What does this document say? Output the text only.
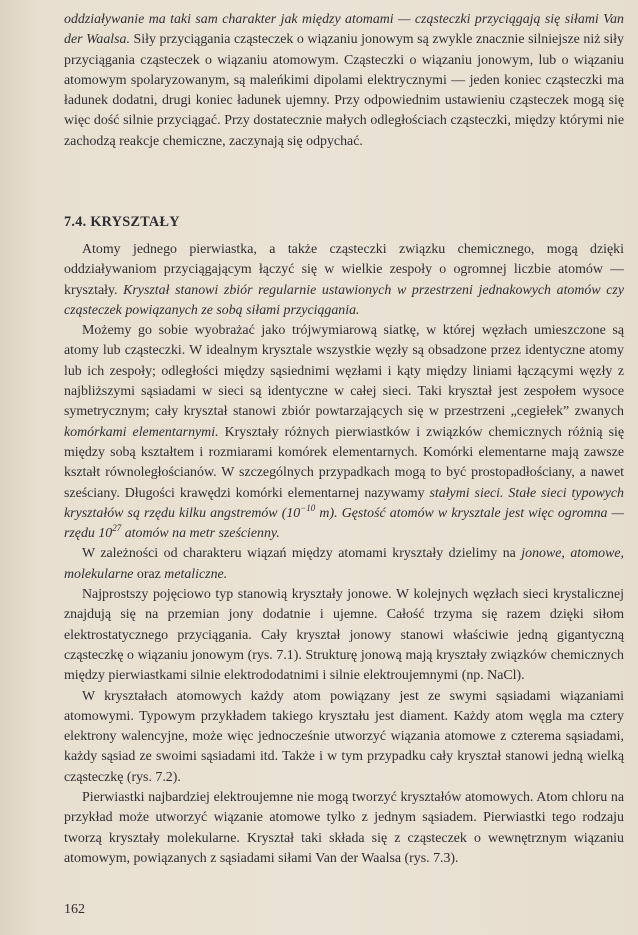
oddziaływanie ma taki sam charakter jak między atomami — cząsteczki przyciągają się siłami Van der Waalsa. Siły przyciągania cząsteczek o wiązaniu jonowym są zwykle znacznie silniejsze niż siły przyciągania cząsteczek o wiązaniu atomowym. Cząsteczki o wiązaniu jonowym, lub o wiązaniu atomowym spolaryzowanym, są maleńkimi dipolami elektrycznymi — jeden koniec cząsteczki ma ładunek dodatni, drugi koniec ładunek ujemny. Przy odpowiednim ustawieniu cząsteczek mogą się więc dość silnie przyciągać. Przy dostatecznie małych odległościach cząsteczki, między którymi nie zachodzą reakcje chemiczne, zaczynają się odpychać.

7.4. KRYSZTAŁY

Atomy jednego pierwiastka, a także cząsteczki związku chemicznego, mogą dzięki oddziaływaniom przyciągającym łączyć się w wielkie zespoły o ogromnej liczbie atomów — kryształy. Kryształ stanowi zbiór regularnie ustawionych w przestrzeni jednakowych atomów czy cząsteczek powiązanych ze sobą siłami przyciągania.

Możemy go sobie wyobrażać jako trójwymiarową siatkę, w której węzłach umieszczone są atomy lub cząsteczki. W idealnym krysztale wszystkie węzły są obsadzone przez identyczne atomy lub ich zespoły; odległości między sąsiednimi węzłami i kąty między liniami łączącymi węzły z najbliższymi sąsiadami w sieci są identyczne w całej sieci. Taki kryształ jest zespołem wysoce symetrycznym; cały kryształ stanowi zbiór powtarzających się w przestrzeni „cegiełek” zwanych komórkami elementarnymi. Kryształy różnych pierwiastków i związków chemicznych różnią się między sobą kształtem i rozmiarami komórek elementarnych. Komórki elementarne mają zawsze kształt równoległościanów. W szczególnych przypadkach mogą to być prostopadłościany, a nawet sześciany. Długości krawędzi komórki elementarnej nazywamy stałymi sieci. Stałe sieci typowych kryształów są rzędu kilku angstremów ($10^{-10}$ m). Gęstość atomów w krysztale jest więc ogromna — rzędu $10^{27}$ atomów na metr sześcienny.

W zależności od charakteru wiązań między atomami kryształy dzielimy na jonowe, atomowe, molekularne oraz metaliczne.

Najprostszy pojęciowo typ stanowią kryształy jonowe. W kolejnych węzłach sieci krystalicznej znajdują się na przemian jony dodatnie i ujemne. Całość trzyma się razem dzięki siłom elektrostatycznego przyciągania. Cały kryształ jonowy stanowi właściwie jedną gigantyczną cząsteczkę o wiązaniu jonowym (rys. 7.1). Strukturę jonową mają kryształy związków chemicznych między pierwiastkami silnie elektrododatnimi i silnie elektroujemnymi (np. NaCl).

W kryształach atomowych każdy atom powiązany jest ze swymi sąsiadami wiązaniami atomowymi. Typowym przykładem takiego kryształu jest diament. Każdy atom węgla ma cztery elektrony walencyjne, może więc jednocześnie utworzyć wiązania atomowe z czterema sąsiadami, każdy sąsiad ze swoimi sąsiadami itd. Także i w tym przypadku cały kryształ stanowi jedną wielką cząsteczkę (rys. 7.2).

Pierwiastki najbardziej elektroujemne nie mogą tworzyć kryształów atomowych. Atom chloru na przykład może utworzyć wiązanie atomowe tylko z jednym sąsiadem. Pierwiastki tego rodzaju tworzą kryształy molekularne. Kryształ taki składa się z cząsteczek o wewnętrznym wiązaniu atomowym, powiązanych z sąsiadami siłami Van der Waalsa (rys. 7.3).

162
